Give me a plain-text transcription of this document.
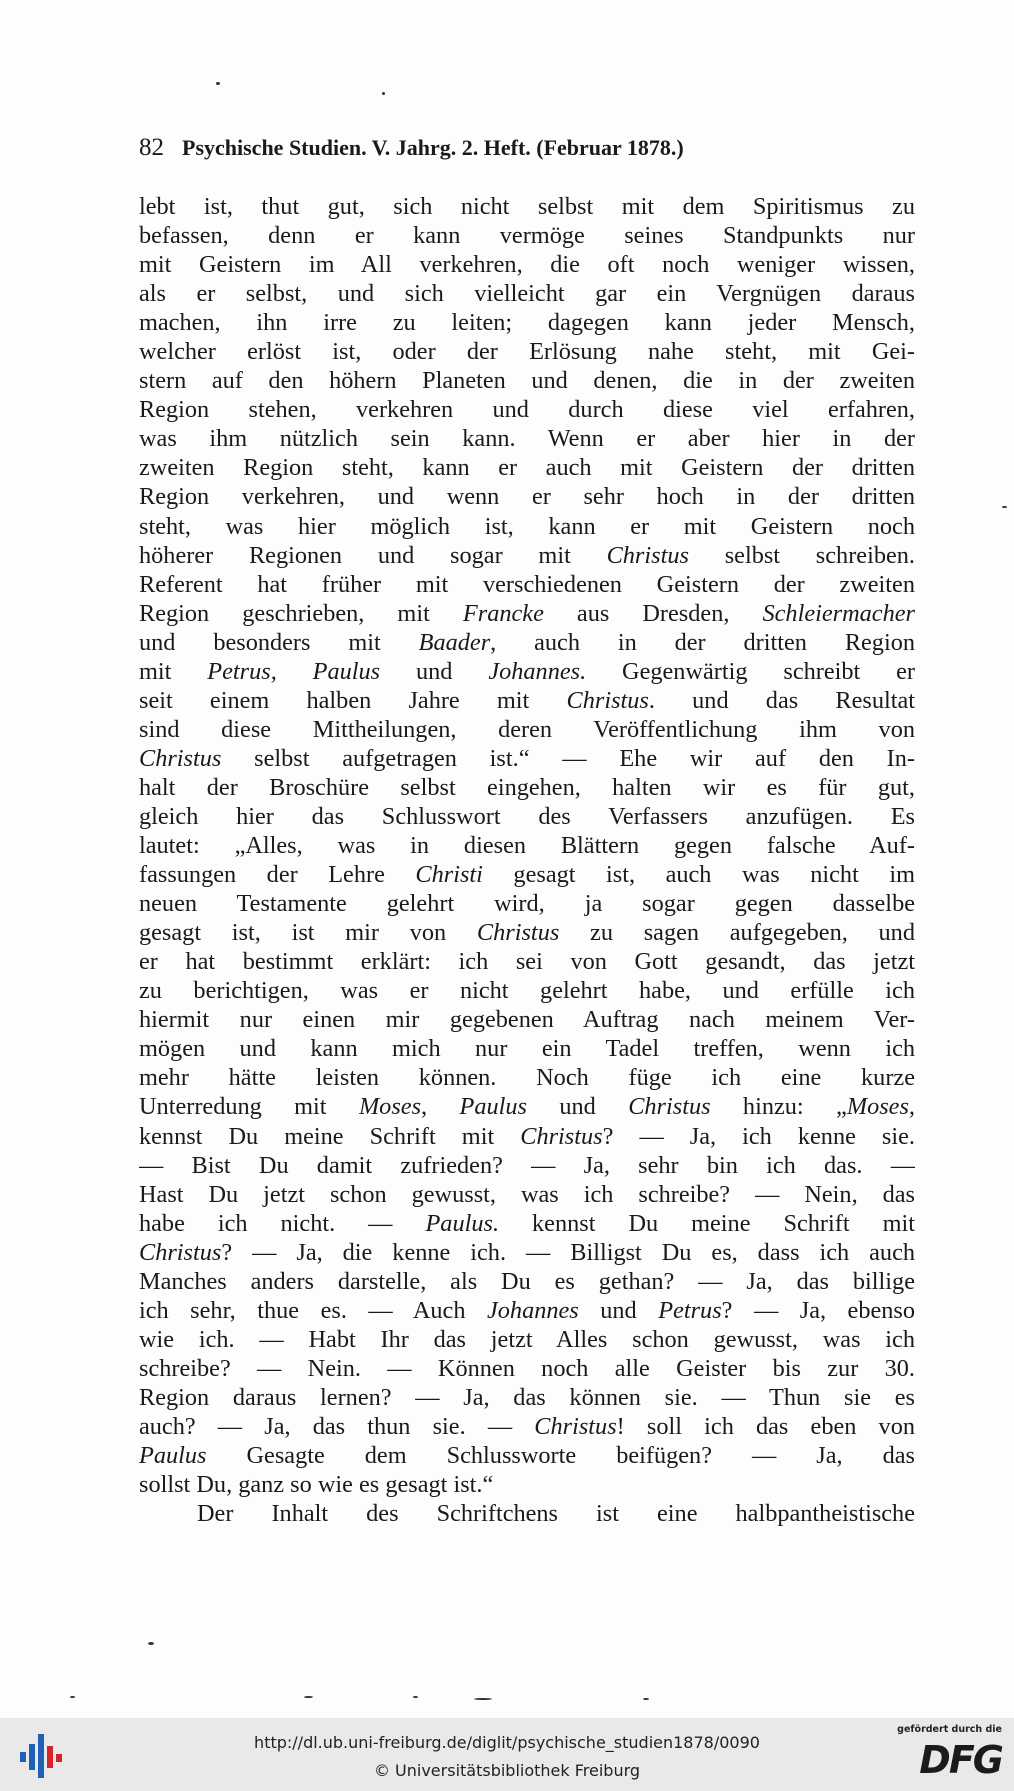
82 Psychische Studien. V. Jahrg. 2. Heft. (Februar 1878.)
lebt ist, thut gut, sich nicht selbst mit dem Spiritismus zu
befassen, denn er kann vermöge seines Standpunkts nur
mit Geistern im All verkehren, die oft noch weniger wissen,
als er selbst, und sich vielleicht gar ein Vergnügen daraus
machen, ihn irre zu leiten; dagegen kann jeder Mensch,
welcher erlöst ist, oder der Erlösung nahe steht, mit Gei-
stern auf den höhern Planeten und denen, die in der zweiten
Region stehen, verkehren und durch diese viel erfahren,
was ihm nützlich sein kann. Wenn er aber hier in der
zweiten Region steht, kann er auch mit Geistern der dritten
Region verkehren, und wenn er sehr hoch in der dritten
steht, was hier möglich ist, kann er mit Geistern noch
höherer Regionen und sogar mit Christus selbst schreiben.
Referent hat früher mit verschiedenen Geistern der zweiten
Region geschrieben, mit Francke aus Dresden, Schleiermacher
und besonders mit Baader, auch in der dritten Region
mit Petrus, Paulus und Johannes. Gegenwärtig schreibt er
seit einem halben Jahre mit Christus. und das Resultat
sind diese Mittheilungen, deren Veröffentlichung ihm von
Christus selbst aufgetragen ist.“ — Ehe wir auf den In-
halt der Broschüre selbst eingehen, halten wir es für gut,
gleich hier das Schlusswort des Verfassers anzufügen. Es
lautet: „Alles, was in diesen Blättern gegen falsche Auf-
fassungen der Lehre Christi gesagt ist, auch was nicht im
neuen Testamente gelehrt wird, ja sogar gegen dasselbe
gesagt ist, ist mir von Christus zu sagen aufgegeben, und
er hat bestimmt erklärt: ich sei von Gott gesandt, das jetzt
zu berichtigen, was er nicht gelehrt habe, und erfülle ich
hiermit nur einen mir gegebenen Auftrag nach meinem Ver-
mögen und kann mich nur ein Tadel treffen, wenn ich
mehr hätte leisten können. Noch füge ich eine kurze
Unterredung mit Moses, Paulus und Christus hinzu: „Moses,
kennst Du meine Schrift mit Christus? — Ja, ich kenne sie.
— Bist Du damit zufrieden? — Ja, sehr bin ich das. —
Hast Du jetzt schon gewusst, was ich schreibe? — Nein, das
habe ich nicht. — Paulus. kennst Du meine Schrift mit
Christus? — Ja, die kenne ich. — Billigst Du es, dass ich auch
Manches anders darstelle, als Du es gethan? — Ja, das billige
ich sehr, thue es. — Auch Johannes und Petrus? — Ja, ebenso
wie ich. — Habt Ihr das jetzt Alles schon gewusst, was ich
schreibe? — Nein. — Können noch alle Geister bis zur 30.
Region daraus lernen? — Ja, das können sie. — Thun sie es
auch? — Ja, das thun sie. — Christus! soll ich das eben von
Paulus Gesagte dem Schlussworte beifügen? — Ja, das
sollst Du, ganz so wie es gesagt ist.“
Der Inhalt des Schriftchens ist eine halbpantheistische
http://dl.ub.uni-freiburg.de/diglit/psychische_studien1878/0090
© Universitätsbibliothek Freiburg
gefördert durch die
DFG
